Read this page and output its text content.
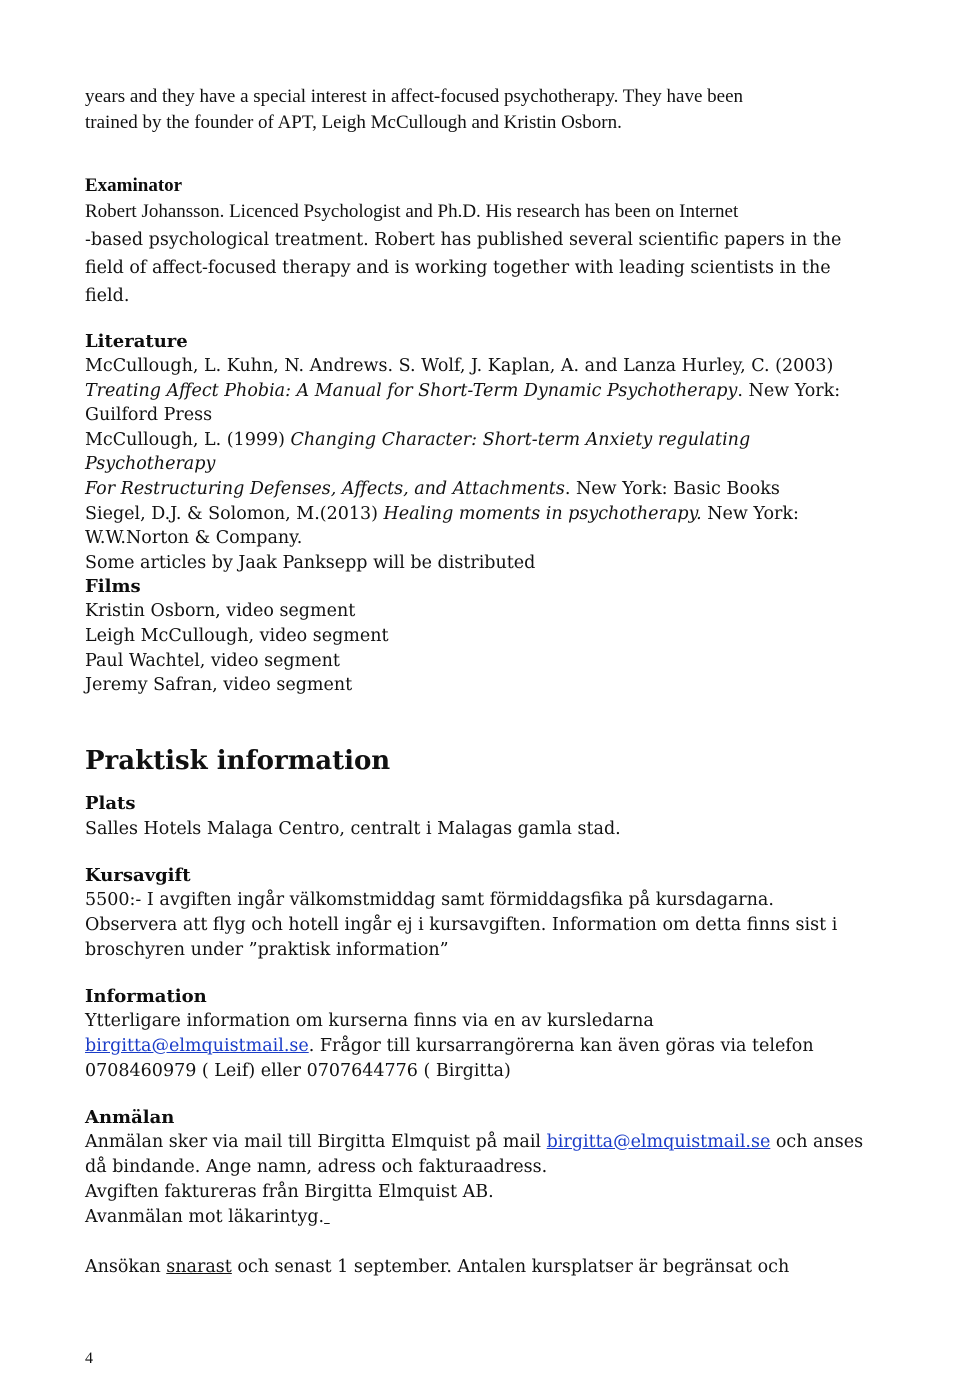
years and they have a special interest in affect-focused psychotherapy. They have been

trained by the founder of APT, Leigh McCullough and Kristin Osborn.

Examinator

Robert Johansson. Licenced Psychologist and Ph.D. His research has been on Internet

-based psychological treatment. Robert has published several scientific papers in the

field of affect-focused therapy and is working together with leading scientists in the

field.

Literature

McCullough, L. Kuhn, N. Andrews. S. Wolf, J. Kaplan, A. and Lanza Hurley, C. (2003)

Treating Affect Phobia: A Manual for Short-Term Dynamic Psychotherapy. New York:

Guilford Press

McCullough, L. (1999) Changing Character: Short-term Anxiety regulating Psychotherapy

For Restructuring Defenses, Affects, and Attachments. New York: Basic Books

Siegel, D.J. & Solomon, M.(2013) Healing moments in psychotherapy. New York:

W.W.Norton & Company.

Some articles by Jaak Panksepp will be distributed

Films

Kristin Osborn, video segment

Leigh McCullough, video segment

Paul Wachtel, video segment

Jeremy Safran, video segment

Praktisk information

Plats

Salles Hotels Malaga Centro, centralt i Malagas gamla stad.

Kursavgift

5500:- I avgiften ingår välkomstmiddag samt förmiddagsfika på kursdagarna.

Observera att flyg och hotell ingår ej i kursavgiften. Information om detta finns sist i

broschyren under ”praktisk information”

Information

Ytterligare information om kurserna finns via en av kursledarna

birgitta@elmquistmail.se. Frågor till kursarrangörerna kan även göras via telefon

0708460979 ( Leif) eller 0707644776 ( Birgitta)

Anmälan

Anmälan sker via mail till Birgitta Elmquist på mail birgitta@elmquistmail.se och anses

då bindande. Ange namn, adress och fakturaadress.

Avgiften faktureras från Birgitta Elmquist AB.

Avanmälan mot läkarintyg.

Ansökan snarast och senast 1 september. Antalen kursplatser är begränsat och

4
